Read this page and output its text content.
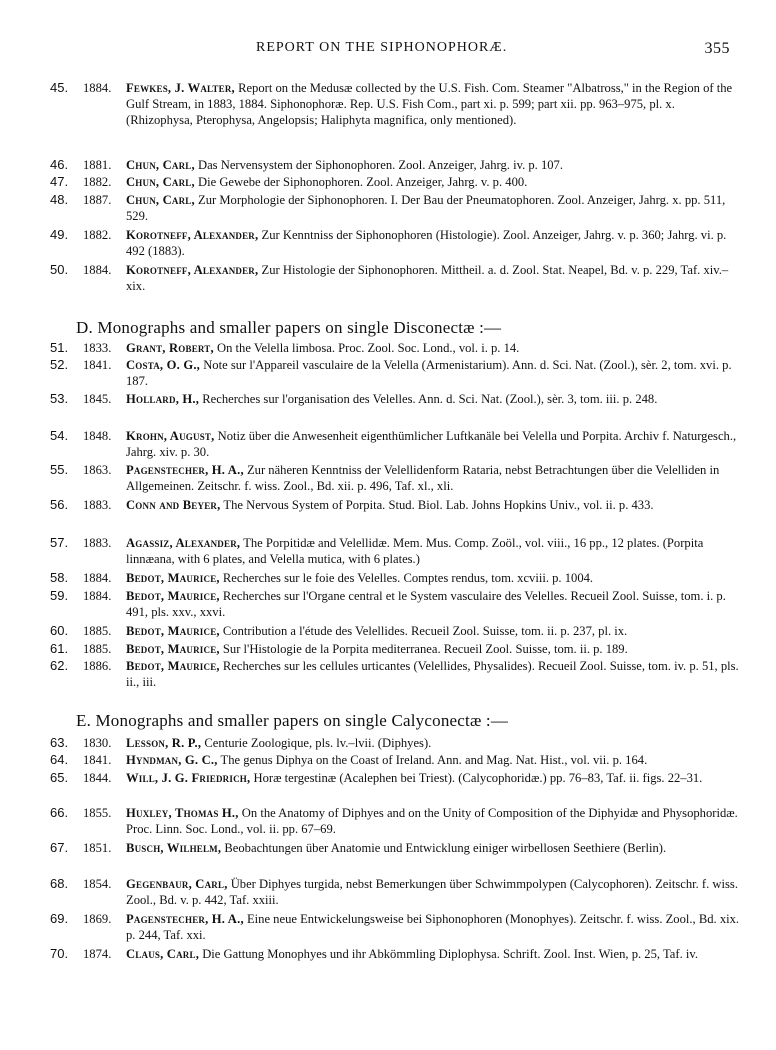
REPORT ON THE SIPHONOPHORÆ.	355
D. Monographs and smaller papers on single Disconectæ :—
E. Monographs and smaller papers on single Calyconectæ :—
45.	1884. Fewkes, J. Walter, Report on the Medusæ collected by the U.S. Fish. Com. Steamer "Albatross," in the Region of the Gulf Stream, in 1883, 1884. Siphonophoræ. Rep. U.S. Fish Com., part xi. p. 599; part xii. pp. 963–975, pl. x. (Rhizophysa, Pterophysa, Angelopsis; Haliphyta magnifica, only mentioned).
46.	1881. Chun, Carl, Das Nervensystem der Siphonophoren. Zool. Anzeiger, Jahrg. iv. p. 107.
47.	1882. Chun, Carl, Die Gewebe der Siphonophoren. Zool. Anzeiger, Jahrg. v. p. 400.
48.	1887. Chun, Carl, Zur Morphologie der Siphonophoren. I. Der Bau der Pneumatophoren. Zool. Anzeiger, Jahrg. x. pp. 511, 529.
49.	1882. Korotneff, Alexander, Zur Kenntniss der Siphonophoren (Histologie). Zool. Anzeiger, Jahrg. v. p. 360; Jahrg. vi. p. 492 (1883).
50.	1884. Korotneff, Alexander, Zur Histologie der Siphonophoren. Mittheil. a. d. Zool. Stat. Neapel, Bd. v. p. 229, Taf. xiv.–xix.
51.	1833. Grant, Robert, On the Velella limbosa. Proc. Zool. Soc. Lond., vol. i. p. 14.
52.	1841. Costa, O. G., Note sur l'Appareil vasculaire de la Velella (Armenistarium). Ann. d. Sci. Nat. (Zool.), sèr. 2, tom. xvi. p. 187.
53.	1845. Hollard, H., Recherches sur l'organisation des Velelles. Ann. d. Sci. Nat. (Zool.), sèr. 3, tom. iii. p. 248.
54.	1848. Krohn, August, Notiz über die Anwesenheit eigenthümlicher Luftkanäle bei Velella und Porpita. Archiv f. Naturgesch., Jahrg. xiv. p. 30.
55.	1863. Pagenstecher, H. A., Zur näheren Kenntniss der Velellidenform Rataria, nebst Betrachtungen über die Velelliden in Allgemeinen. Zeitschr. f. wiss. Zool., Bd. xii. p. 496, Taf. xl., xli.
56.	1883. Conn and Beyer, The Nervous System of Porpita. Stud. Biol. Lab. Johns Hopkins Univ., vol. ii. p. 433.
57.	1883. Agassiz, Alexander, The Porpitidæ and Velellidæ. Mem. Mus. Comp. Zoöl., vol. viii., 16 pp., 12 plates. (Porpita linnæana, with 6 plates, and Velella mutica, with 6 plates.)
58.	1884. Bedot, Maurice, Recherches sur le foie des Velelles. Comptes rendus, tom. xcviii. p. 1004.
59.	1884. Bedot, Maurice, Recherches sur l'Organe central et le System vasculaire des Velelles. Recueil Zool. Suisse, tom. i. p. 491, pls. xxv., xxvi.
60.	1885. Bedot, Maurice, Contribution a l'étude des Velellides. Recueil Zool. Suisse, tom. ii. p. 237, pl. ix.
61.	1885. Bedot, Maurice, Sur l'Histologie de la Porpita mediterranea. Recueil Zool. Suisse, tom. ii. p. 189.
62.	1886. Bedot, Maurice, Recherches sur les cellules urticantes (Velellides, Physalides). Recueil Zool. Suisse, tom. iv. p. 51, pls. ii., iii.
63.	1830. Lesson, R. P., Centurie Zoologique, pls. lv.–lvii. (Diphyes).
64.	1841. Hyndman, G. C., The genus Diphya on the Coast of Ireland. Ann. and Mag. Nat. Hist., vol. vii. p. 164.
65.	1844. Will, J. G. Friedrich, Horæ tergestinæ (Acalephen bei Triest). (Calycophoridæ.) pp. 76–83, Taf. ii. figs. 22–31.
66.	1855. Huxley, Thomas H., On the Anatomy of Diphyes and on the Unity of Composition of the Diphyidæ and Physophoridæ. Proc. Linn. Soc. Lond., vol. ii. pp. 67–69.
67.	1851. Busch, Wilhelm, Beobachtungen über Anatomie und Entwicklung einiger wirbellosen Seethiere (Berlin).
68.	1854. Gegenbaur, Carl, Über Diphyes turgida, nebst Bemerkungen über Schwimmpolypen (Calycophoren). Zeitschr. f. wiss. Zool., Bd. v. p. 442, Taf. xxiii.
69.	1869. Pagenstecher, H. A., Eine neue Entwickelungsweise bei Siphonophoren (Monophyes). Zeitschr. f. wiss. Zool., Bd. xix. p. 244, Taf. xxi.
70.	1874. Claus, Carl, Die Gattung Monophyes und ihr Abkömmling Diplophysa. Schrift. Zool. Inst. Wien, p. 25, Taf. iv.
